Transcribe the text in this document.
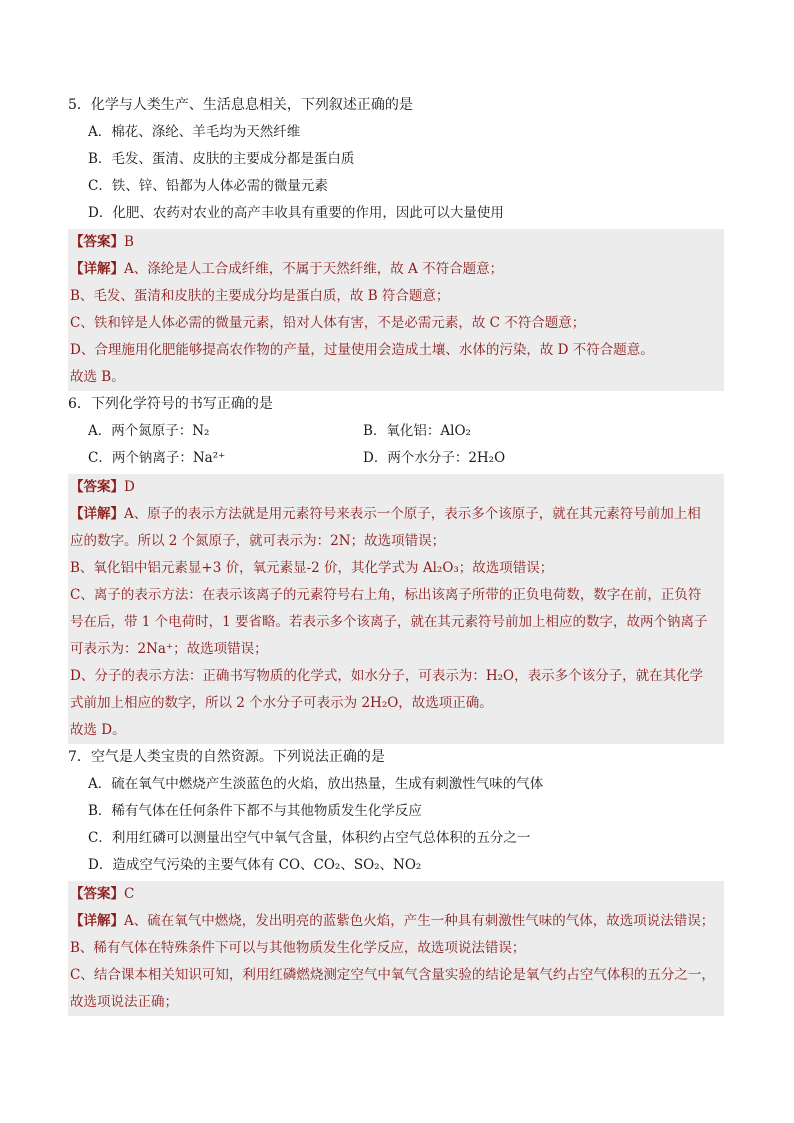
5．化学与人类生产、生活息息相关，下列叙述正确的是
A．棉花、涤纶、羊毛均为天然纤维
B．毛发、蛋清、皮肤的主要成分都是蛋白质
C．铁、锌、铅都为人体必需的微量元素
D．化肥、农药对农业的高产丰收具有重要的作用，因此可以大量使用
【答案】B
【详解】A、涤纶是人工合成纤维，不属于天然纤维，故 A 不符合题意；
B、毛发、蛋清和皮肤的主要成分均是蛋白质，故 B 符合题意；
C、铁和锌是人体必需的微量元素，铅对人体有害，不是必需元素，故 C 不符合题意；
D、合理施用化肥能够提高农作物的产量，过量使用会造成土壤、水体的污染，故 D 不符合题意。
故选 B。
6．下列化学符号的书写正确的是
A．两个氮原子：N₂	B．氧化铝：AlO₂
C．两个钠离子：Na²⁺	D．两个水分子：2H₂O
【答案】D
【详解】A、原子的表示方法就是用元素符号来表示一个原子，表示多个该原子，就在其元素符号前加上相
应的数字。所以 2 个氮原子，就可表示为：2N；故选项错误；
B、氧化铝中铝元素显+3 价，氧元素显-2 价，其化学式为 Al₂O₃；故选项错误；
C、离子的表示方法：在表示该离子的元素符号右上角，标出该离子所带的正负电荷数，数字在前，正负符
号在后，带 1 个电荷时，1 要省略。若表示多个该离子，就在其元素符号前加上相应的数字，故两个钠离子
可表示为：2Na⁺；故选项错误；
D、分子的表示方法：正确书写物质的化学式，如水分子，可表示为：H₂O，表示多个该分子，就在其化学
式前加上相应的数字，所以 2 个水分子可表示为 2H₂O，故选项正确。
故选 D。
7．空气是人类宝贵的自然资源。下列说法正确的是
A．硫在氧气中燃烧产生淡蓝色的火焰，放出热量，生成有刺激性气味的气体
B．稀有气体在任何条件下都不与其他物质发生化学反应
C．利用红磷可以测量出空气中氧气含量，体积约占空气总体积的五分之一
D．造成空气污染的主要气体有 CO、CO₂、SO₂、NO₂
【答案】C
【详解】A、硫在氧气中燃烧，发出明亮的蓝紫色火焰，产生一种具有刺激性气味的气体，故选项说法错误；
B、稀有气体在特殊条件下可以与其他物质发生化学反应，故选项说法错误；
C、结合课本相关知识可知，利用红磷燃烧测定空气中氧气含量实验的结论是氧气约占空气体积的五分之一，
故选项说法正确；
